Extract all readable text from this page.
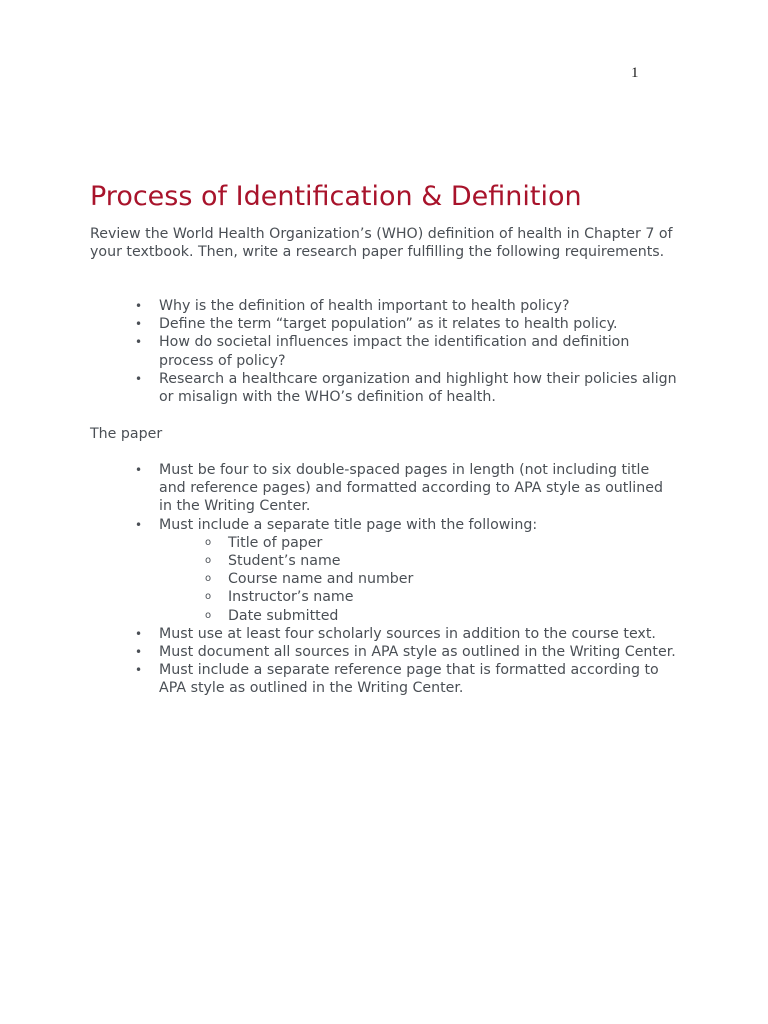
1
Process of Identification & Definition

Review the World Health Organization’s (WHO) definition of health in Chapter 7 of your textbook. Then, write a research paper fulfilling the following requirements.

• Why is the definition of health important to health policy?
• Define the term “target population” as it relates to health policy.
• How do societal influences impact the identification and definition process of policy?
• Research a healthcare organization and highlight how their policies align or misalign with the WHO’s definition of health.

The paper

• Must be four to six double-spaced pages in length (not including title and reference pages) and formatted according to APA style as outlined in the Writing Center.
• Must include a separate title page with the following:
o Title of paper
o Student’s name
o Course name and number
o Instructor’s name
o Date submitted
• Must use at least four scholarly sources in addition to the course text.
• Must document all sources in APA style as outlined in the Writing Center.
• Must include a separate reference page that is formatted according to APA style as outlined in the Writing Center.
